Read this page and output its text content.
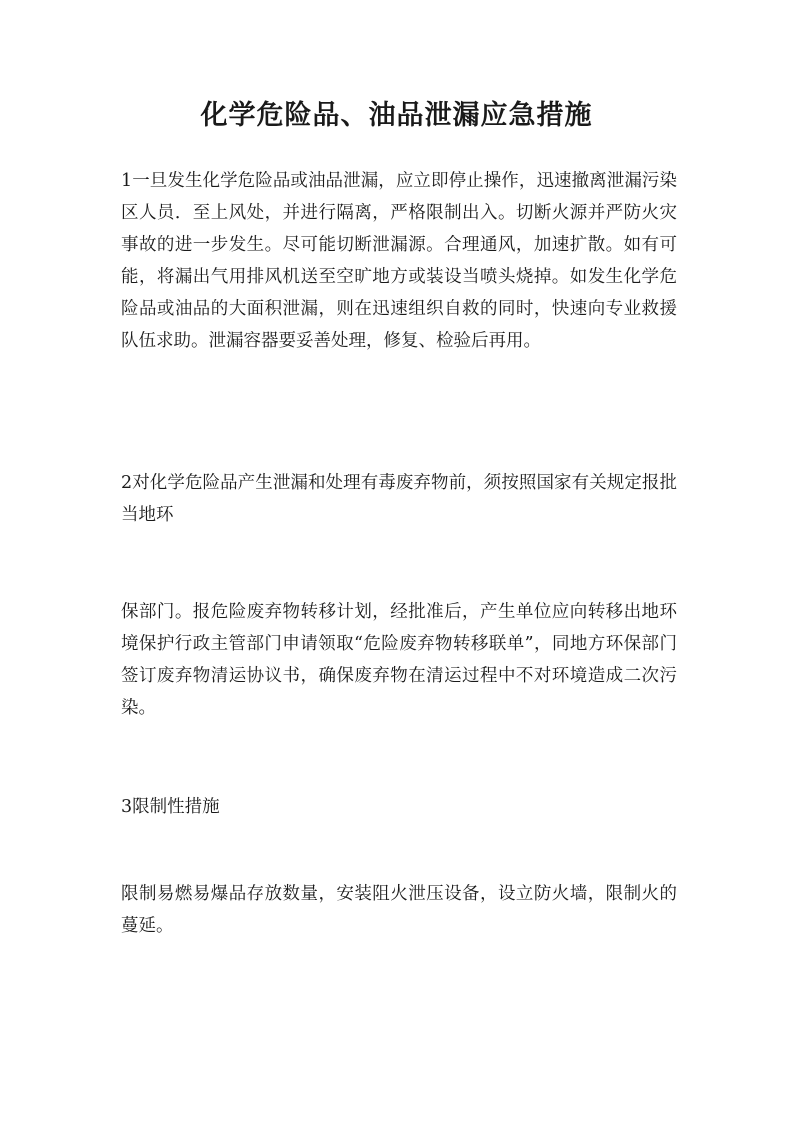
化学危险品、油品泄漏应急措施

1一旦发生化学危险品或油品泄漏，应立即停止操作，迅速撤离泄漏污染区人员．至上风处，并进行隔离，严格限制出入。切断火源并严防火灾事故的进一步发生。尽可能切断泄漏源。合理通风，加速扩散。如有可能，将漏出气用排风机送至空旷地方或装设当喷头烧掉。如发生化学危险品或油品的大面积泄漏，则在迅速组织自救的同时，快速向专业救援队伍求助。泄漏容器要妥善处理，修复、检验后再用。

2对化学危险品产生泄漏和处理有毒废弃物前，须按照国家有关规定报批当地环

保部门。报危险废弃物转移计划，经批准后，产生单位应向转移出地环境保护行政主管部门申请领取“危险废弃物转移联单”，同地方环保部门签订废弃物清运协议书，确保废弃物在清运过程中不对环境造成二次污染。

3限制性措施

限制易燃易爆品存放数量，安装阻火泄压设备，设立防火墙，限制火的蔓延。
